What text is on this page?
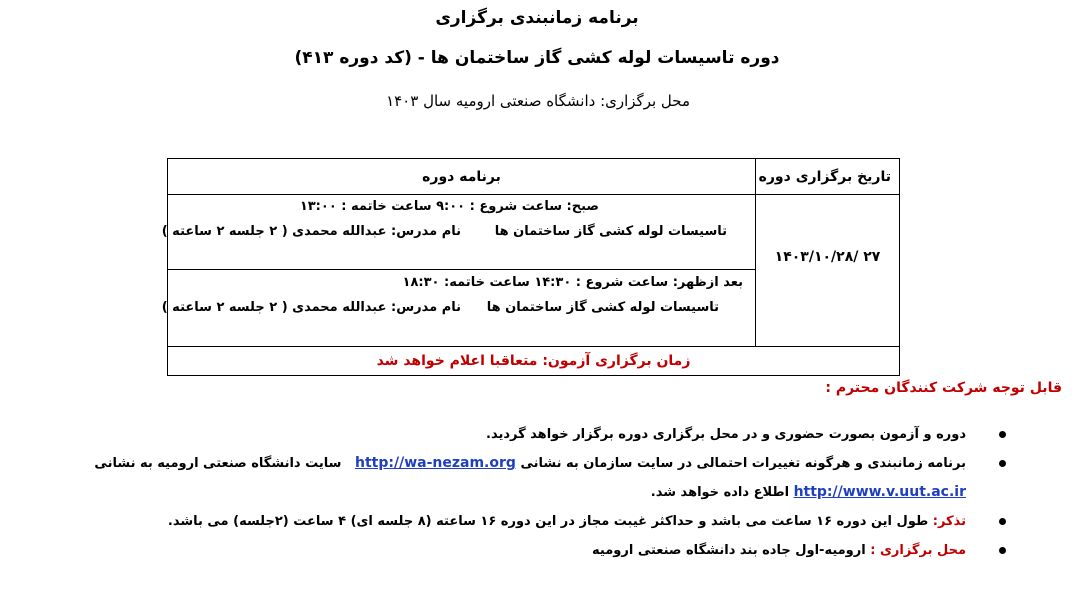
برنامه زمانبندی برگزاری
دوره تاسیسات لوله کشی گاز ساختمان ها - (کد دوره ۴۱۳)
محل برگزاری: دانشگاه صنعتی ارومیه سال ۱۴۰۳
تاریخ برگزاری دوره
برنامه دوره
۲۷ /۱۴۰۳/۱۰/۲۸
صبح: ساعت شروع : ۹:۰۰ ساعت خاتمه : ۱۳:۰۰
تاسیسات لوله کشی گاز ساختمان ها
نام مدرس: عبدالله محمدی ( ۲ جلسه ۲ ساعته )
بعد ازظهر: ساعت شروع : ۱۴:۳۰ ساعت خاتمه: ۱۸:۳۰
تاسیسات لوله کشی گاز ساختمان ها
نام مدرس: عبدالله محمدی ( ۲ جلسه ۲ ساعته )
زمان برگزاری آزمون: متعاقبا اعلام خواهد شد
قابل توجه شرکت کنندگان محترم :
دوره و آزمون بصورت حضوری و در محل برگزاری دوره برگزار خواهد گردید.
برنامه زمانبندی و هرگونه تغییرات احتمالی در سایت سازمان به نشانی http://wa-nezam.org   سایت دانشگاه صنعتی ارومیه به نشانی
http://www.v.uut.ac.ir اطلاع داده خواهد شد.
تذکر: طول این دوره ۱۶ ساعت می باشد و حداکثر غیبت مجاز در این دوره ۱۶ ساعته (۸ جلسه ای) ۴ ساعت (۲جلسه) می باشد.
محل برگزاری : ارومیه-اول جاده بند دانشگاه صنعتی ارومیه
